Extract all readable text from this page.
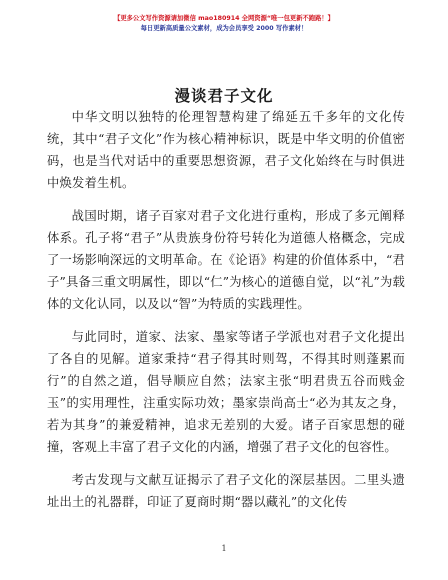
【更多公文写作资源请加微信 mao180914 全网资源“唯一包更新不跑路！】
每日更新高质量公文素材，成为会员享受 2000 写作素材！
漫谈君子文化

中华文明以独特的伦理智慧构建了绵延五千多年的文化传统，其中“君子文化”作为核心精神标识，既是中华文明的价值密码，也是当代对话中的重要思想资源，君子文化始终在与时俱进中焕发着生机。

战国时期，诸子百家对君子文化进行重构，形成了多元阐释体系。孔子将“君子”从贵族身份符号转化为道德人格概念，完成了一场影响深远的文明革命。在《论语》构建的价值体系中，“君子”具备三重文明属性，即以“仁”为核心的道德自觉，以“礼”为载体的文化认同，以及以“智”为特质的实践理性。

与此同时，道家、法家、墨家等诸子学派也对君子文化提出了各自的见解。道家秉持“君子得其时则驾，不得其时则蓬累而行”的自然之道，倡导顺应自然；法家主张“明君贵五谷而贱金玉”的实用理性，注重实际功效；墨家崇尚高士“必为其友之身，若为其身”的兼爱精神，追求无差别的大爱。诸子百家思想的碰撞，客观上丰富了君子文化的内涵，增强了君子文化的包容性。

考古发现与文献互证揭示了君子文化的深层基因。二里头遗址出土的礼器群，印证了夏商时期“器以藏礼”的文化传

1
